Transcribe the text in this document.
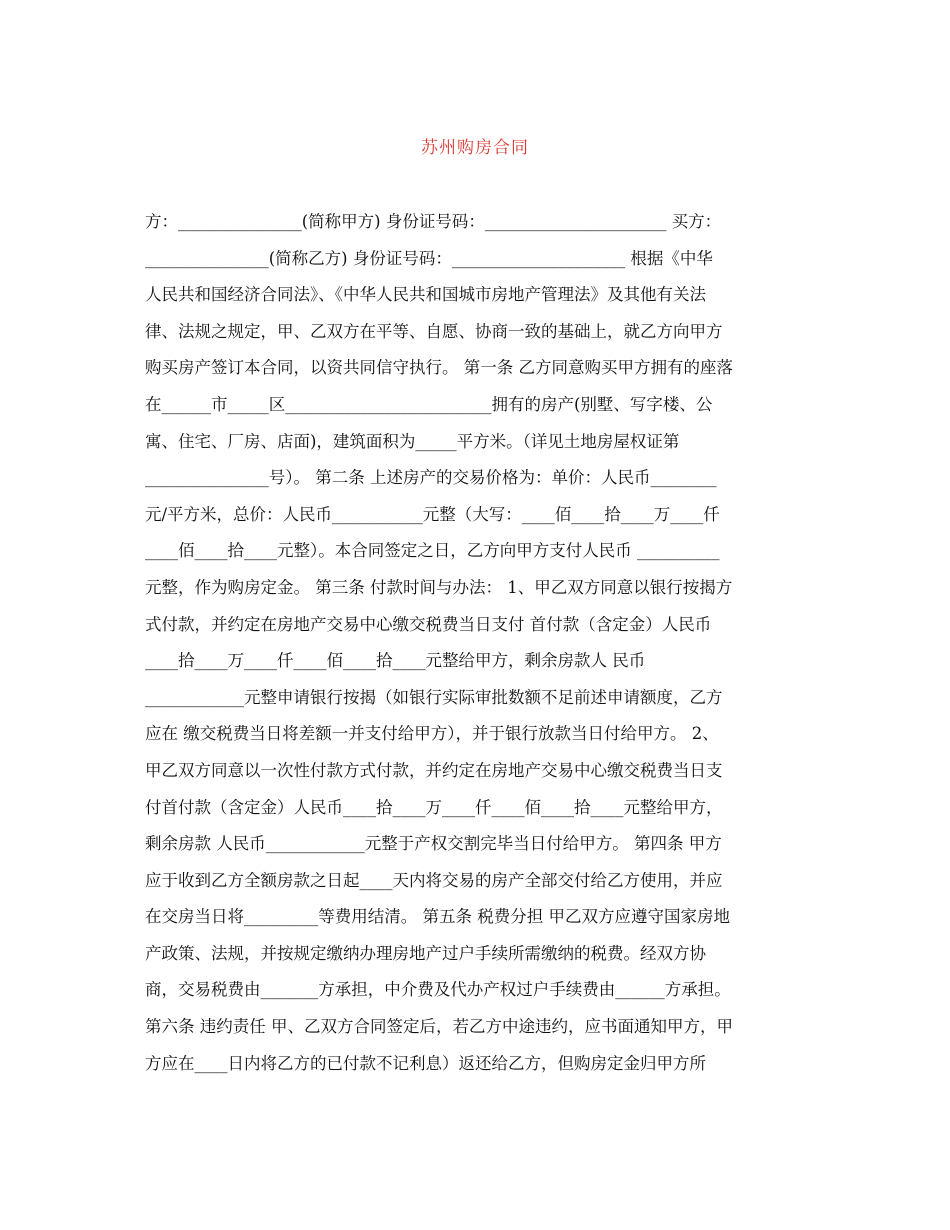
苏州购房合同
方：_______________(简称甲方) 身份证号码：______________________ 买方：
_______________(简称乙方) 身份证号码：_____________________ 根据《中华
人民共和国经济合同法》、《中华人民共和国城市房地产管理法》及其他有关法
律、法规之规定，甲、乙双方在平等、自愿、协商一致的基础上，就乙方向甲方
购买房产签订本合同，以资共同信守执行。 第一条 乙方同意购买甲方拥有的座落
在______市_____区_________________________拥有的房产(别墅、写字楼、公
寓、住宅、厂房、店面)，建筑面积为_____平方米。（详见土地房屋权证第
_______________号）。 第二条 上述房产的交易价格为：单价：人民币________
元/平方米，总价：人民币___________元整（大写：____佰____拾____万____仟
____佰____拾____元整）。本合同签定之日，乙方向甲方支付人民币 __________
元整，作为购房定金。 第三条 付款时间与办法： 1、甲乙双方同意以银行按揭方
式付款，并约定在房地产交易中心缴交税费当日支付 首付款（含定金）人民币
____拾____万____仟____佰____拾____元整给甲方，剩余房款人 民币
____________元整申请银行按揭（如银行实际审批数额不足前述申请额度，乙方
应在 缴交税费当日将差额一并支付给甲方），并于银行放款当日付给甲方。 2、
甲乙双方同意以一次性付款方式付款，并约定在房地产交易中心缴交税费当日支
付首付款（含定金）人民币____拾____万____仟____佰____拾____元整给甲方，
剩余房款 人民币____________元整于产权交割完毕当日付给甲方。 第四条 甲方
应于收到乙方全额房款之日起____天内将交易的房产全部交付给乙方使用，并应
在交房当日将_________等费用结清。 第五条 税费分担 甲乙双方应遵守国家房地
产政策、法规，并按规定缴纳办理房地产过户手续所需缴纳的税费。经双方协
商，交易税费由_______方承担，中介费及代办产权过户手续费由______方承担。
第六条 违约责任 甲、乙双方合同签定后，若乙方中途违约，应书面通知甲方，甲
方应在____日内将乙方的已付款不记利息）返还给乙方，但购房定金归甲方所
